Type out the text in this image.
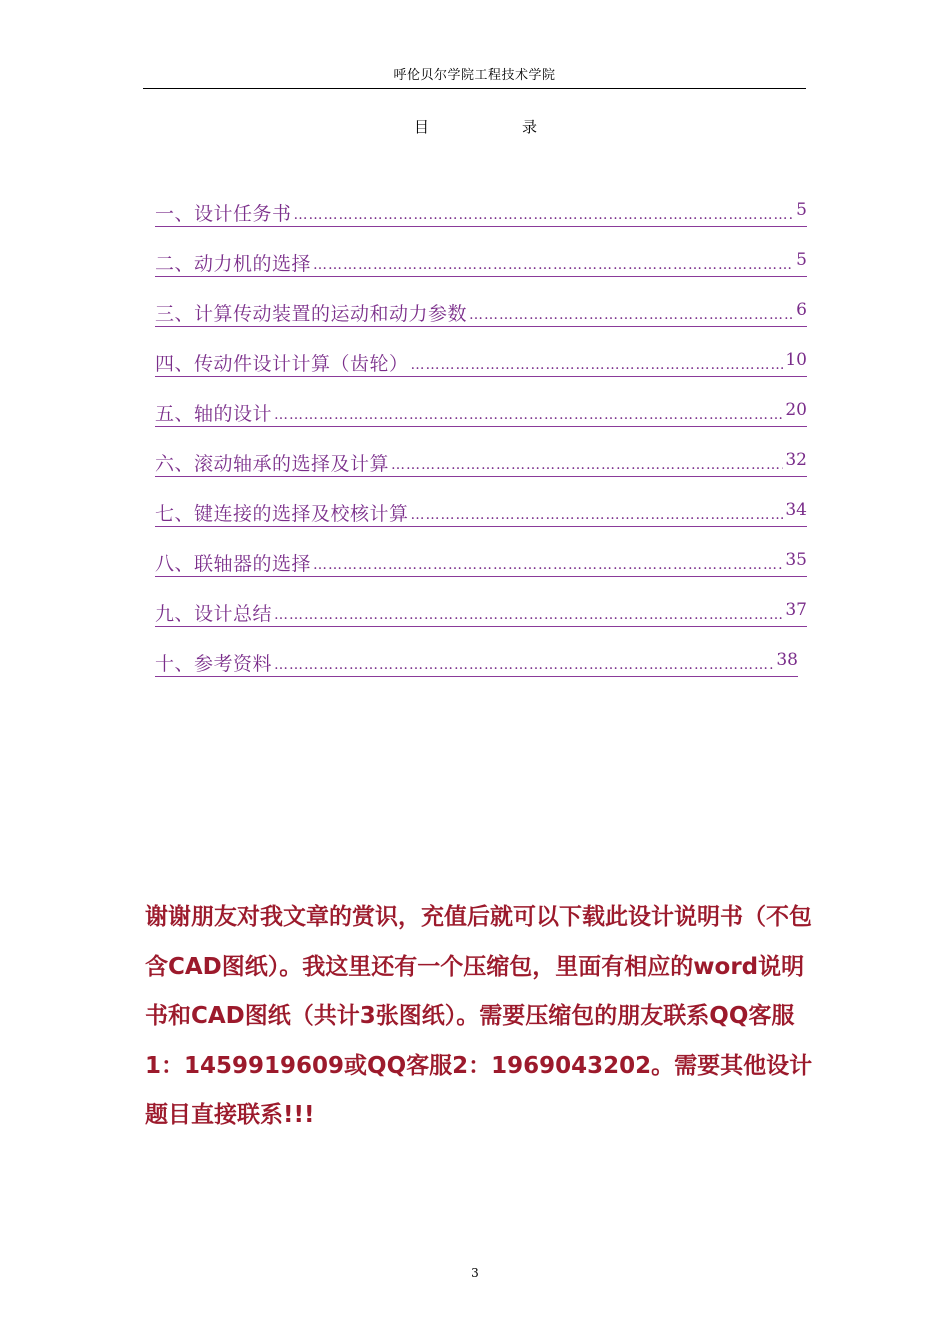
呼伦贝尔学院工程技术学院
目	录
一、设计任务书 ……………………………………………………………………………………………………………………………………………………	5
二、动力机的选择 ……………………………………………………………………………………………………………………………………………………	5
三、计算传动装置的运动和动力参数 ……………………………………………………………………………………………………………………………………………………	6
四、传动件设计计算（齿轮） ……………………………………………………………………………………………………………………………………………………	10
五、轴的设计 ……………………………………………………………………………………………………………………………………………………	20
六、滚动轴承的选择及计算 ……………………………………………………………………………………………………………………………………………………	32
七、键连接的选择及校核计算 ……………………………………………………………………………………………………………………………………………………	34
八、联轴器的选择 ……………………………………………………………………………………………………………………………………………………	35
九、设计总结 ……………………………………………………………………………………………………………………………………………………	37
十、参考资料 ……………………………………………………………………………………………………………………………………………………	38
谢谢朋友对我文章的赏识，充值后就可以下载此设计说明书（不包含CAD图纸）。我这里还有一个压缩包，里面有相应的word说明书和CAD图纸（共计3张图纸）。需要压缩包的朋友联系QQ客服1：1459919609或QQ客服2：1969043202。需要其他设计题目直接联系!!!
3
